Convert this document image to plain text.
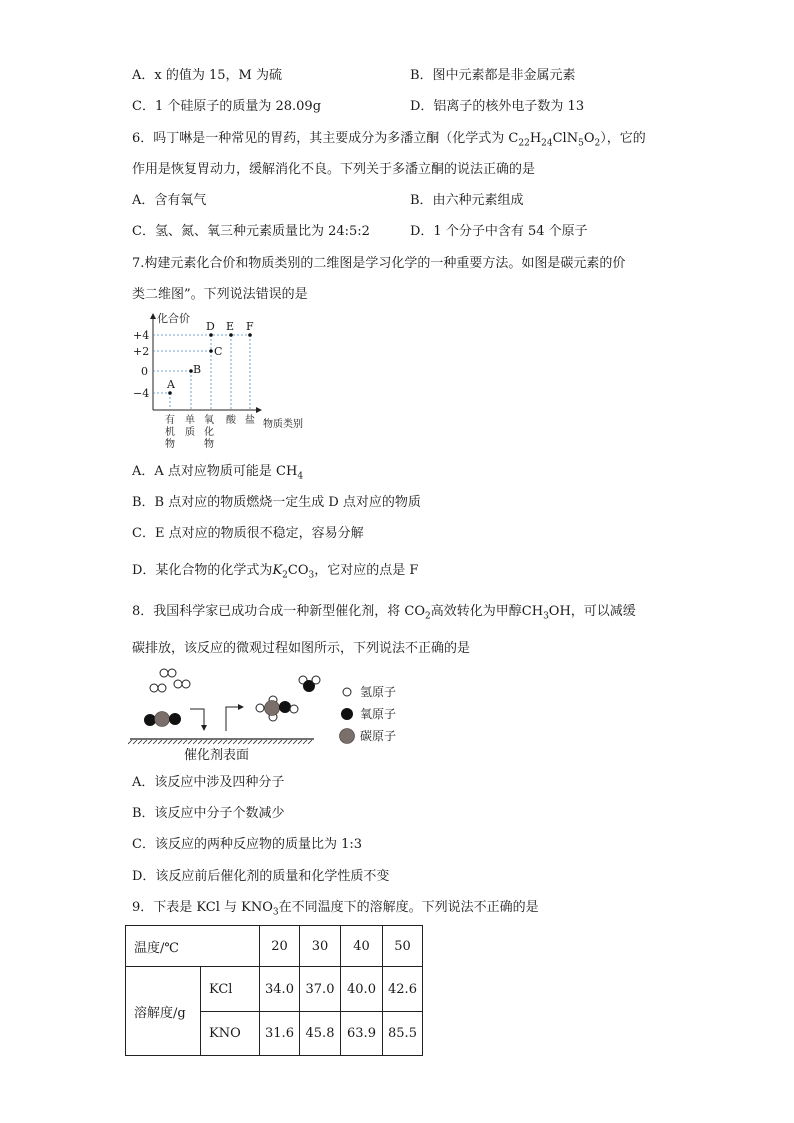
A．x 的值为 15，M 为硫	B．图中元素都是非金属元素
C．1 个硅原子的质量为 28.09g	D．铝离子的核外电子数为 13
6．吗丁啉是一种常见的胃药，其主要成分为多潘立酮（化学式为 $C_{22}H_{24}ClN_5O_2$），它的
作用是恢复胃动力，缓解消化不良。下列关于多潘立酮的说法正确的是
A．含有氧气	B．由六种元素组成
C．氢、氮、氧三种元素质量比为 24:5:2	D．1 个分子中含有 54 个原子
7.构建元素化合价和物质类别的二维图是学习化学的一种重要方法。如图是碳元素的价
类二维图”。下列说法错误的是
化合价
物质类别
+4
+2
0
−4
A
B
C
D E F
有
机
物
单
质
氧
化
物
酸 盐
A．A 点对应物质可能是 $CH_4$
B．B 点对应的物质燃烧一定生成 D 点对应的物质
C．E 点对应的物质很不稳定，容易分解
D．某化合物的化学式为$K_2CO_3$，它对应的点是 F
8．我国科学家已成功合成一种新型催化剂，将 $CO_2$高效转化为甲醇$CH_3OH$，可以减缓
碳排放，该反应的微观过程如图所示，下列说法不正确的是
催化剂表面
氢原子
氧原子
碳原子
A．该反应中涉及四种分子
B．该反应中分子个数减少
C．该反应的两种反应物的质量比为 1:3
D．该反应前后催化剂的质量和化学性质不变
9．下表是 KCl 与 $KNO_3$在不同温度下的溶解度。下列说法不正确的是
温度/℃		20	30	40	50
溶解度/g	KCl	34.0	37.0	40.0	42.6
	KNO	31.6	45.8	63.9	85.5
